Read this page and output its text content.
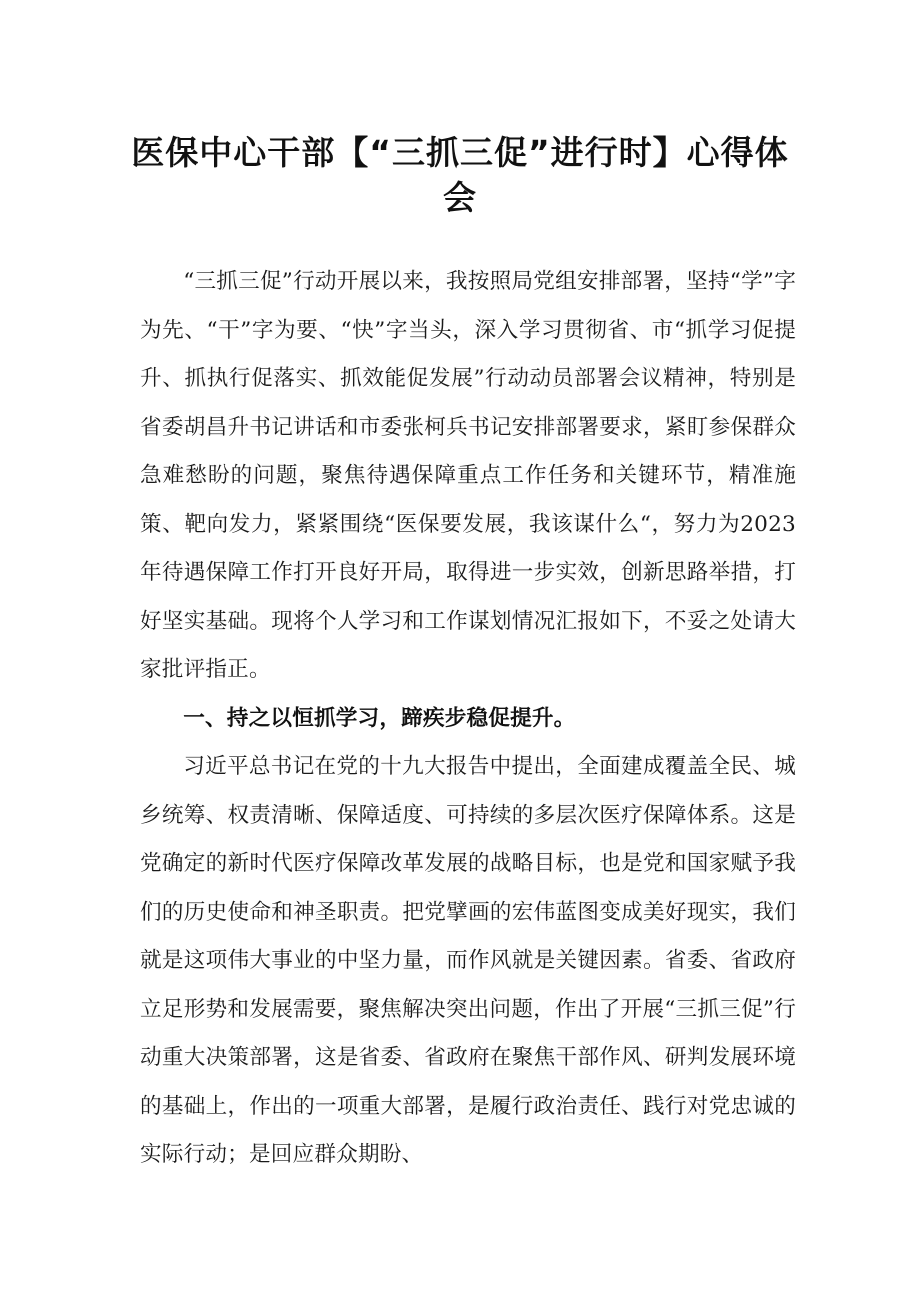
医保中心干部【“三抓三促”进行时】心得体会

“三抓三促”行动开展以来，我按照局党组安排部署，坚持“学”字为先、“干”字为要、“快”字当头，深入学习贯彻省、市“抓学习促提升、抓执行促落实、抓效能促发展”行动动员部署会议精神，特别是省委胡昌升书记讲话和市委张柯兵书记安排部署要求，紧盯参保群众急难愁盼的问题，聚焦待遇保障重点工作任务和关键环节，精准施策、靶向发力，紧紧围绕“医保要发展，我该谋什么“，努力为2023年待遇保障工作打开良好开局，取得进一步实效，创新思路举措，打好坚实基础。现将个人学习和工作谋划情况汇报如下，不妥之处请大家批评指正。

一、持之以恒抓学习，蹄疾步稳促提升。

习近平总书记在党的十九大报告中提出，全面建成覆盖全民、城乡统筹、权责清晰、保障适度、可持续的多层次医疗保障体系。这是党确定的新时代医疗保障改革发展的战略目标，也是党和国家赋予我们的历史使命和神圣职责。把党擘画的宏伟蓝图变成美好现实，我们就是这项伟大事业的中坚力量，而作风就是关键因素。省委、省政府立足形势和发展需要，聚焦解决突出问题，作出了开展“三抓三促”行动重大决策部署，这是省委、省政府在聚焦干部作风、研判发展环境的基础上，作出的一项重大部署，是履行政治责任、践行对党忠诚的实际行动；是回应群众期盼、
